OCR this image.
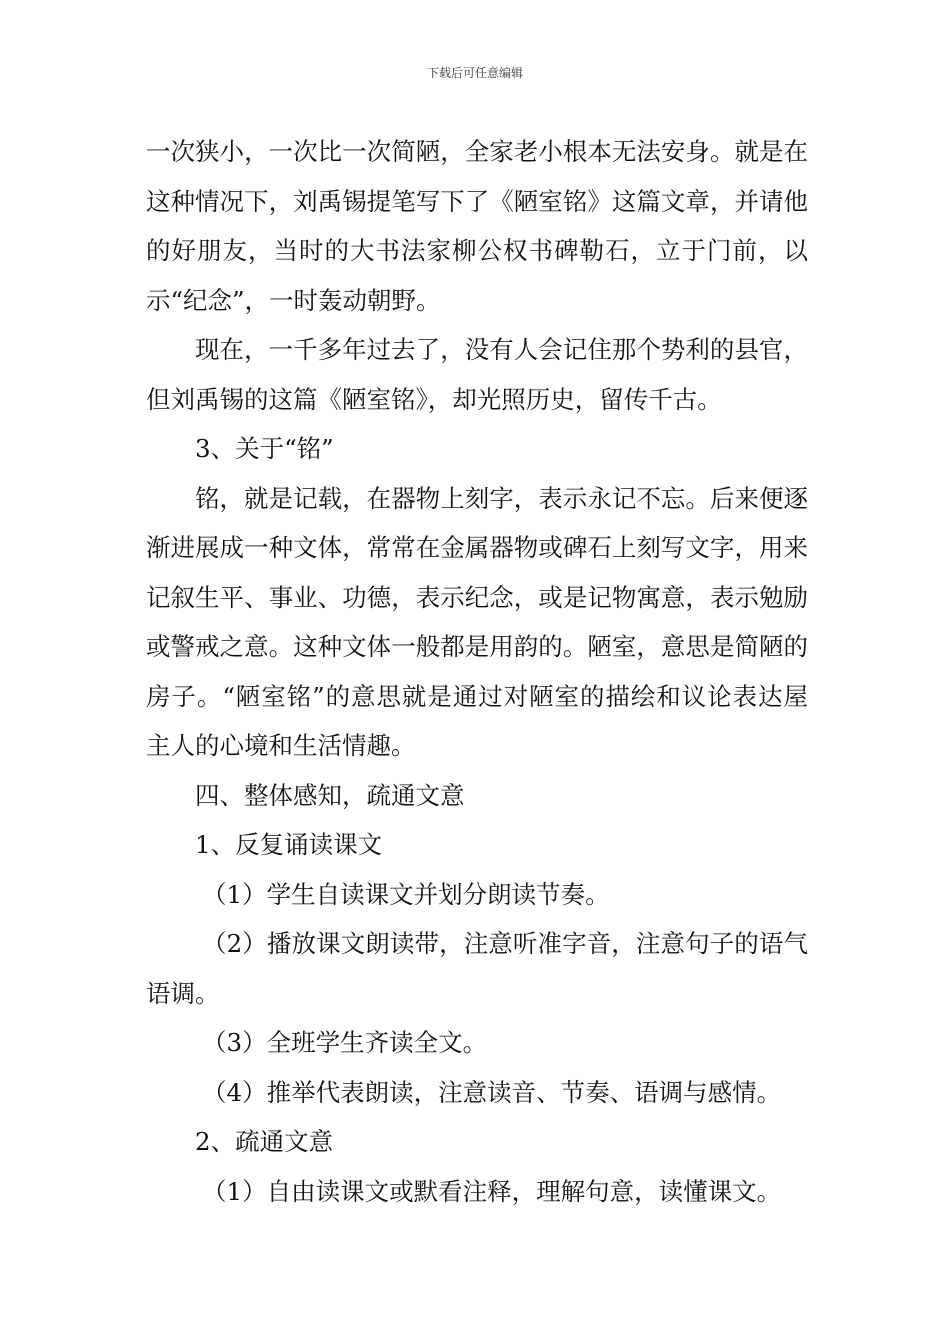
下载后可任意编辑

一次狭小，一次比一次简陋，全家老小根本无法安身。就是在这种情况下，刘禹锡提笔写下了《陋室铭》这篇文章，并请他的好朋友，当时的大书法家柳公权书碑勒石，立于门前，以示“纪念”，一时轰动朝野。

现在，一千多年过去了，没有人会记住那个势利的县官，但刘禹锡的这篇《陋室铭》，却光照历史，留传千古。

3、关于“铭”

铭，就是记载，在器物上刻字，表示永记不忘。后来便逐渐进展成一种文体，常常在金属器物或碑石上刻写文字，用来记叙生平、事业、功德，表示纪念，或是记物寓意，表示勉励或警戒之意。这种文体一般都是用韵的。陋室，意思是简陋的房子。“陋室铭”的意思就是通过对陋室的描绘和议论表达屋主人的心境和生活情趣。

四、整体感知，疏通文意

1、反复诵读课文

（1）学生自读课文并划分朗读节奏。

（2）播放课文朗读带，注意听准字音，注意句子的语气语调。

（3）全班学生齐读全文。

（4）推举代表朗读，注意读音、节奏、语调与感情。

2、疏通文意

（1）自由读课文或默看注释，理解句意，读懂课文。
